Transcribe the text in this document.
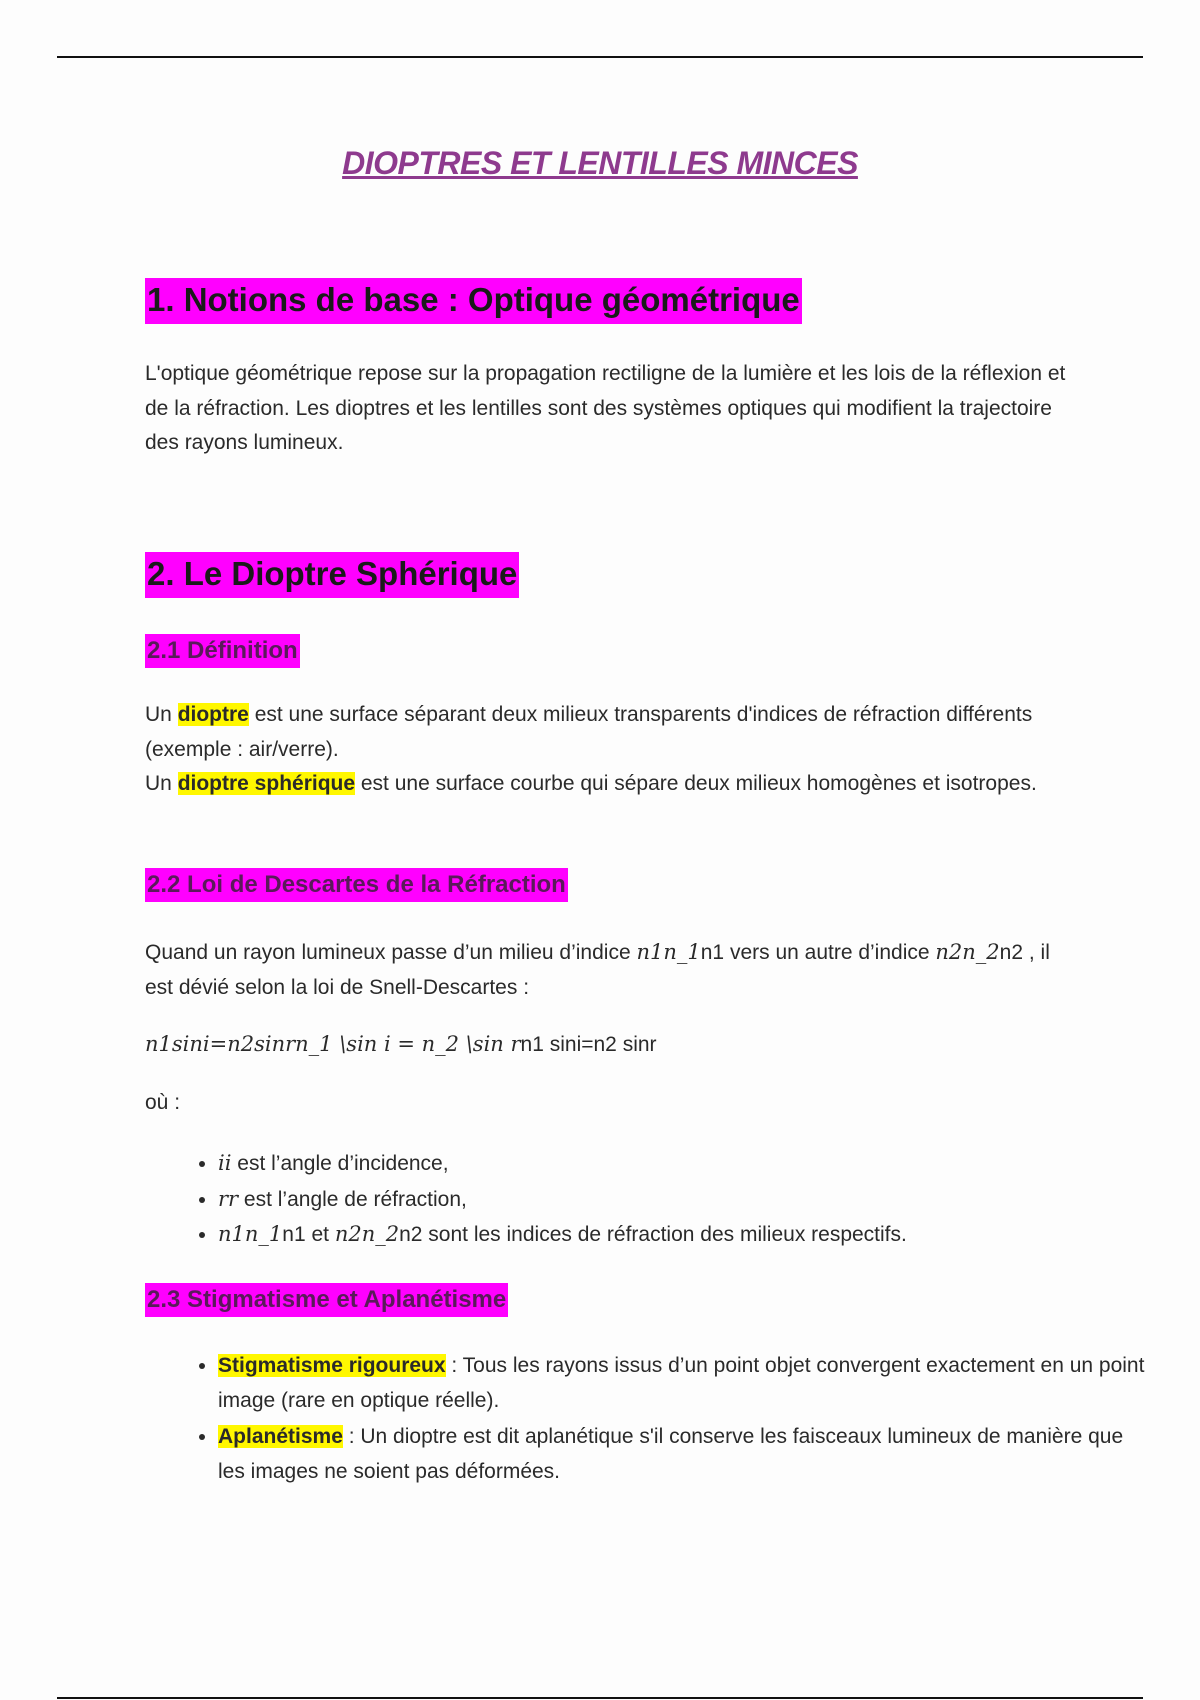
DIOPTRES ET LENTILLES MINCES
1. Notions de base : Optique géométrique
L'optique géométrique repose sur la propagation rectiligne de la lumière et les lois de la réflexion et de la réfraction. Les dioptres et les lentilles sont des systèmes optiques qui modifient la trajectoire des rayons lumineux.
2. Le Dioptre Sphérique
2.1 Définition
Un dioptre est une surface séparant deux milieux transparents d'indices de réfraction différents (exemple : air/verre).
Un dioptre sphérique est une surface courbe qui sépare deux milieux homogènes et isotropes.
2.2 Loi de Descartes de la Réfraction
Quand un rayon lumineux passe d’un milieu d’indice n1n_1n1 vers un autre d’indice n2n_2n2 , il est dévié selon la loi de Snell-Descartes :
n1sin⁡i=n2sin⁡rn_1 \sin i = n_2 \sin rn1 sini=n2 sinr
où :
• ii est l’angle d’incidence,
• rr est l’angle de réfraction,
• n1n_1n1 et n2n_2n2 sont les indices de réfraction des milieux respectifs.
2.3 Stigmatisme et Aplanétisme
• Stigmatisme rigoureux : Tous les rayons issus d’un point objet convergent exactement en un point image (rare en optique réelle).
• Aplanétisme : Un dioptre est dit aplanétique s'il conserve les faisceaux lumineux de manière que les images ne soient pas déformées.
